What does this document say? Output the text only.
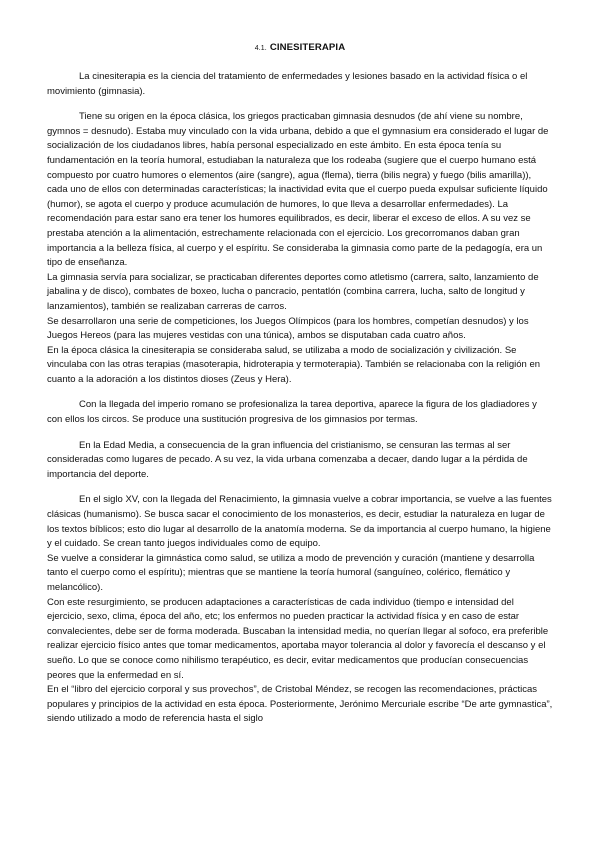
4.1. CINESITERAPIA

La cinesiterapia es la ciencia del tratamiento de enfermedades y lesiones basado en la actividad física o el movimiento (gimnasia).

Tiene su origen en la época clásica, los griegos practicaban gimnasia desnudos (de ahí viene su nombre, gymnos = desnudo). Estaba muy vinculado con la vida urbana, debido a que el gymnasium era considerado el lugar de socialización de los ciudadanos libres, había personal especializado en este ámbito. En esta época tenía su fundamentación en la teoría humoral, estudiaban la naturaleza que los rodeaba (sugiere que el cuerpo humano está compuesto por cuatro humores o elementos (aire (sangre), agua (flema), tierra (bilis negra) y fuego (bilis amarilla)), cada uno de ellos con determinadas características; la inactividad evita que el cuerpo pueda expulsar suficiente líquido (humor), se agota el cuerpo y produce acumulación de humores, lo que lleva a desarrollar enfermedades). La recomendación para estar sano era tener los humores equilibrados, es decir, liberar el exceso de ellos. A su vez se prestaba atención a la alimentación, estrechamente relacionada con el ejercicio. Los grecorromanos daban gran importancia a la belleza física, al cuerpo y el espíritu. Se consideraba la gimnasia como parte de la pedagogía, era un tipo de enseñanza.

La gimnasia servía para socializar, se practicaban diferentes deportes como atletismo (carrera, salto, lanzamiento de jabalina y de disco), combates de boxeo, lucha o pancracio, pentatlón (combina carrera, lucha, salto de longitud y lanzamientos), también se realizaban carreras de carros.

Se desarrollaron una serie de competiciones, los Juegos Olímpicos (para los hombres, competían desnudos) y los Juegos Hereos (para las mujeres vestidas con una túnica), ambos se disputaban cada cuatro años.

En la época clásica la cinesiterapia se consideraba salud, se utilizaba a modo de socialización y civilización. Se vinculaba con las otras terapias (masoterapia, hidroterapia y termoterapia). También se relacionaba con la religión en cuanto a la adoración a los distintos dioses (Zeus y Hera).

Con la llegada del imperio romano se profesionaliza la tarea deportiva, aparece la figura de los gladiadores y con ellos los circos. Se produce una sustitución progresiva de los gimnasios por termas.

En la Edad Media, a consecuencia de la gran influencia del cristianismo, se censuran las termas al ser consideradas como lugares de pecado. A su vez, la vida urbana comenzaba a decaer, dando lugar a la pérdida de importancia del deporte.

En el siglo XV, con la llegada del Renacimiento, la gimnasia vuelve a cobrar importancia, se vuelve a las fuentes clásicas (humanismo). Se busca sacar el conocimiento de los monasterios, es decir, estudiar la naturaleza en lugar de los textos bíblicos; esto dio lugar al desarrollo de la anatomía moderna. Se da importancia al cuerpo humano, la higiene y el cuidado. Se crean tanto juegos individuales como de equipo.

Se vuelve a considerar la gimnástica como salud, se utiliza a modo de prevención y curación (mantiene y desarrolla tanto el cuerpo como el espíritu); mientras que se mantiene la teoría humoral (sanguíneo, colérico, flemático y melancólico).

Con este resurgimiento, se producen adaptaciones a características de cada individuo (tiempo e intensidad del ejercicio, sexo, clima, época del año, etc; los enfermos no pueden practicar la actividad física y en caso de estar convalecientes, debe ser de forma moderada. Buscaban la intensidad media, no querían llegar al sofoco, era preferible realizar ejercicio físico antes que tomar medicamentos, aportaba mayor tolerancia al dolor y favorecía el descanso y el sueño. Lo que se conoce como nihilismo terapéutico, es decir, evitar medicamentos que producían consecuencias peores que la enfermedad en sí.

En el “libro del ejercicio corporal y sus provechos”, de Cristobal Méndez, se recogen las recomendaciones, prácticas populares y principios de la actividad en esta época. Posteriormente, Jerónimo Mercuriale escribe “De arte gymnastica”, siendo utilizado a modo de referencia hasta el siglo
